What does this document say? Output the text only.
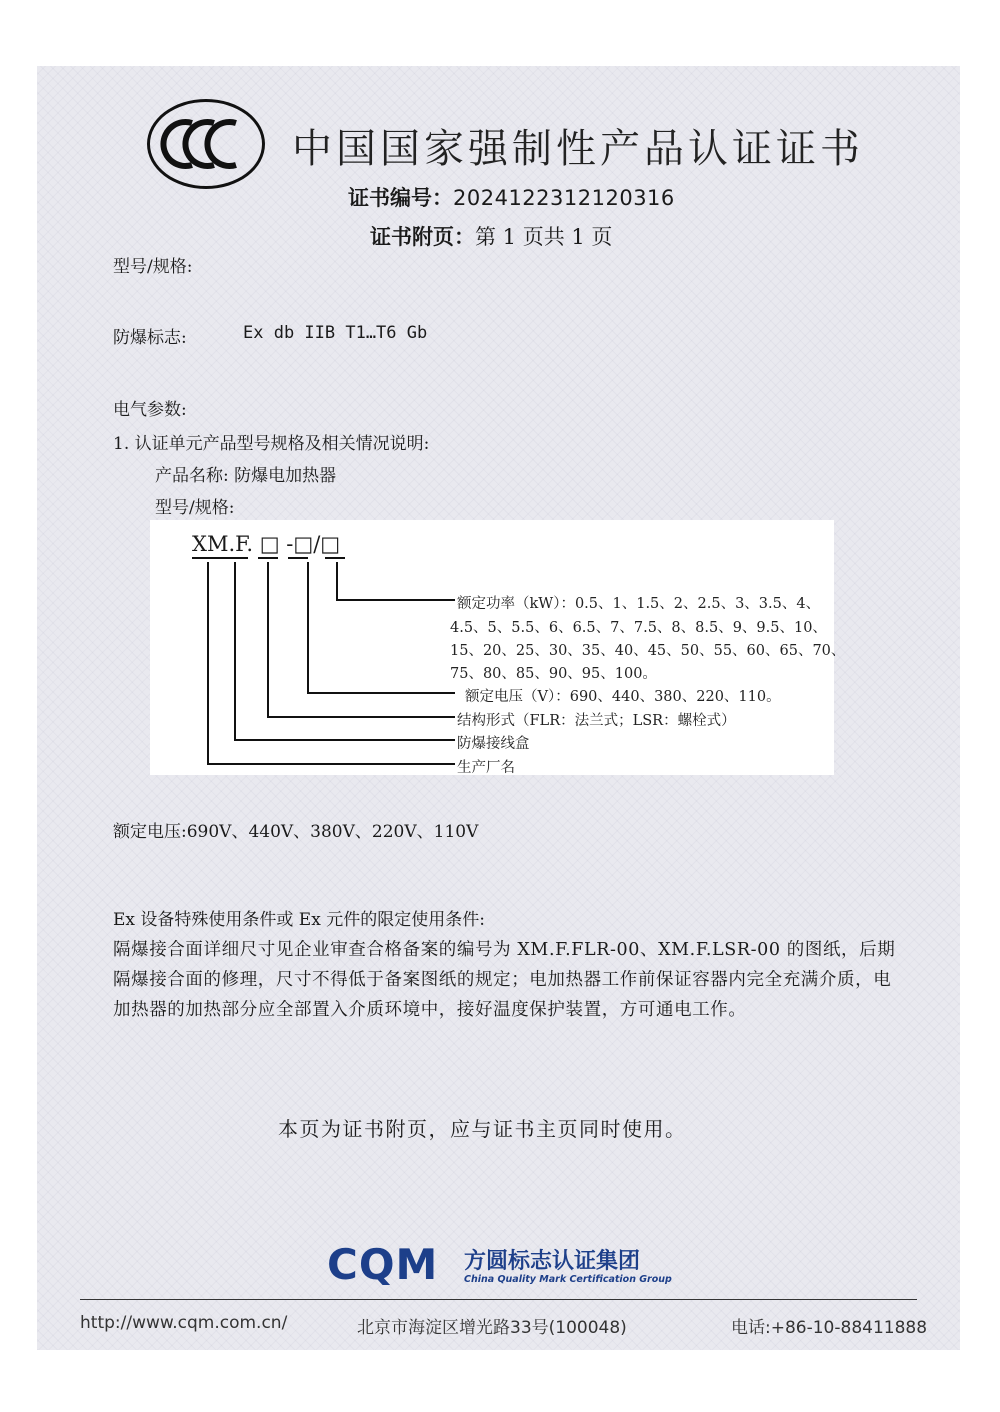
中国国家强制性产品认证证书
证书编号：2024122312120316
证书附页：第 1 页共 1 页
型号/规格:
防爆标志:	Ex db IIB T1…T6 Gb
电气参数:
1. 认证单元产品型号规格及相关情况说明:
产品名称: 防爆电加热器
型号/规格:
XM.F. □ -□/□
额定功率（kW）：0.5、1、1.5、2、2.5、3、3.5、4、
4.5、5、5.5、6、6.5、7、7.5、8、8.5、9、9.5、10、
15、20、25、30、35、40、45、50、55、60、65、70、
75、80、85、90、95、100。
额定电压（V）：690、440、380、220、110。
结构形式（FLR：法兰式；LSR：螺栓式）
防爆接线盒
生产厂名
额定电压:690V、440V、380V、220V、110V
Ex 设备特殊使用条件或 Ex 元件的限定使用条件:
隔爆接合面详细尺寸见企业审查合格备案的编号为 XM.F.FLR-00、XM.F.LSR-00 的图纸，后期隔爆接合面的修理，尺寸不得低于备案图纸的规定；电加热器工作前保证容器内完全充满介质，电加热器的加热部分应全部置入介质环境中，接好温度保护装置，方可通电工作。
本页为证书附页，应与证书主页同时使用。
CQM 方圆标志认证集团
China Quality Mark Certification Group
http://www.cqm.com.cn/	北京市海淀区增光路33号(100048)	电话:+86-10-88411888
